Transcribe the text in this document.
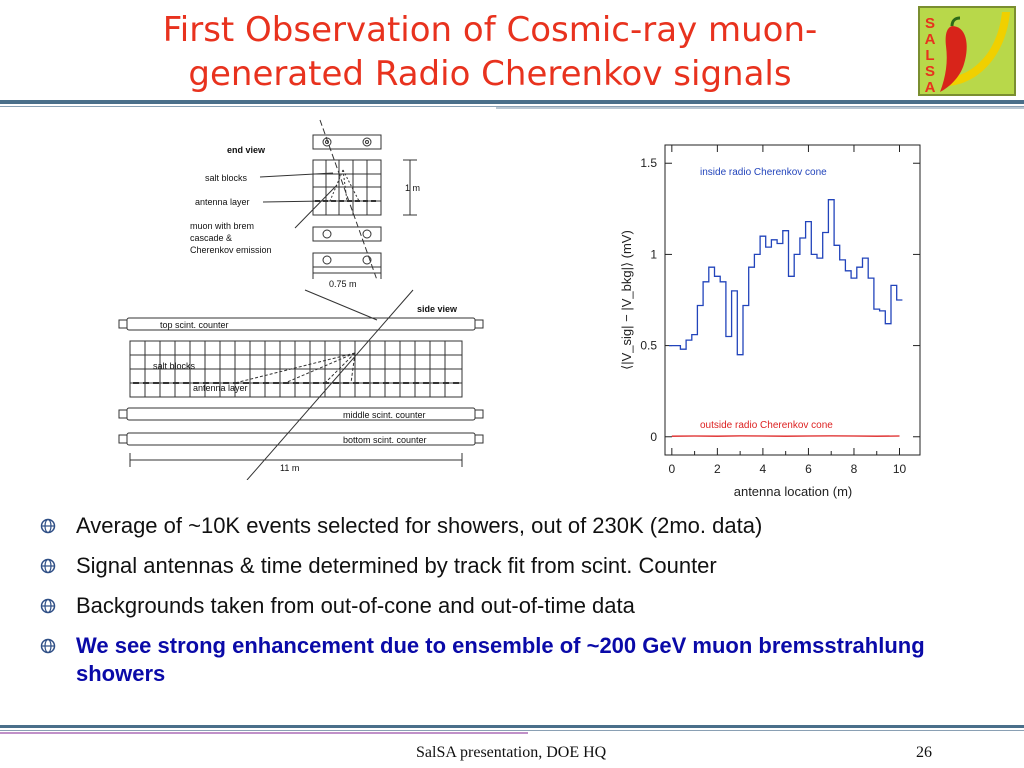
First Observation of Cosmic-ray muon-
generated Radio Cherenkov signals
S
A
L
S
A
end view
salt blocks
antenna layer
muon with brem
cascade &
Cherenkov emission
1 m
0.75 m
side view
top scint. counter
salt blocks
antenna layer
middle scint. counter
bottom scint. counter
11 m	0	2	4	6	8	10
0
0.5
1
1.5
inside radio Cherenkov cone
outside radio Cherenkov cone
antenna location (m)
⟨|V_sig| − |V_bkg|⟩ (mV)
Average of ~10K events selected for showers, out of 230K (2mo. data)
Signal antennas & time determined by track fit from scint. Counter
Backgrounds taken from out-of-cone and out-of-time data
We see strong enhancement due to ensemble of ~200 GeV muon bremsstrahlung showers
SalSA presentation, DOE HQ	26
